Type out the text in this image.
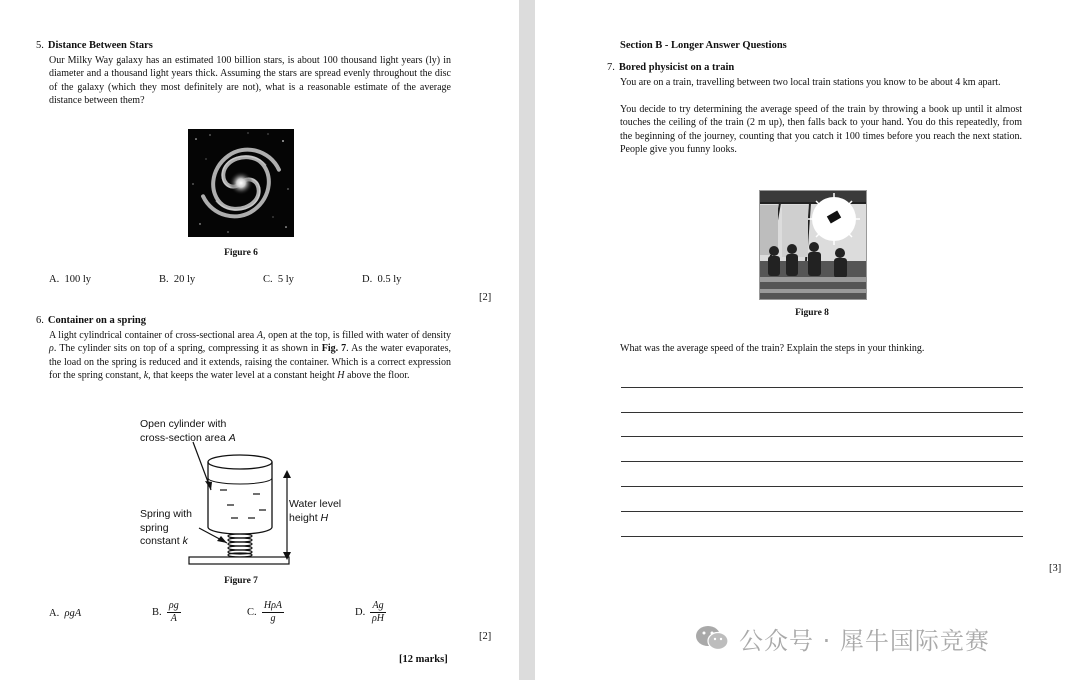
5. Distance Between Stars
Our Milky Way galaxy has an estimated 100 billion stars, is about 100 thousand light years (ly) in diameter and a thousand light years thick. Assuming the stars are spread evenly throughout the disc of the galaxy (which they most definitely are not), what is a reasonable estimate of the average distance between them?
Figure 6
A. 100 ly	B. 20 ly	C. 5 ly	D. 0.5 ly
[2]
6. Container on a spring
A light cylindrical container of cross-sectional area A, open at the top, is filled with water of density ρ. The cylinder sits on top of a spring, compressing it as shown in Fig. 7. As the water evaporates, the load on the spring is reduced and it extends, raising the container. Which is a correct expression for the spring constant, k, that keeps the water level at a constant height H above the floor.
Open cylinder with
cross-section area A
Water level
height H
Spring with
spring
constant k
Figure 7
A. ρgA	B. $\frac{\rho g}{A}$	C. $\frac{\text{HρA}}{g}$	D. $\frac{Ag}{\rho H}$
[2]
[12 marks]
Section B - Longer Answer Questions
7. Bored physicist on a train
You are on a train, travelling between two local train stations you know to be about 4 km apart.
You decide to try determining the average speed of the train by throwing a book up until it almost touches the ceiling of the train (2 m up), then falls back to your hand. You do this repeatedly, from the beginning of the journey, counting that you catch it 100 times before you reach the next station. People give you funny looks.
Figure 8
What was the average speed of the train? Explain the steps in your thinking.
[3]
公众号 · 犀牛国际竞赛
